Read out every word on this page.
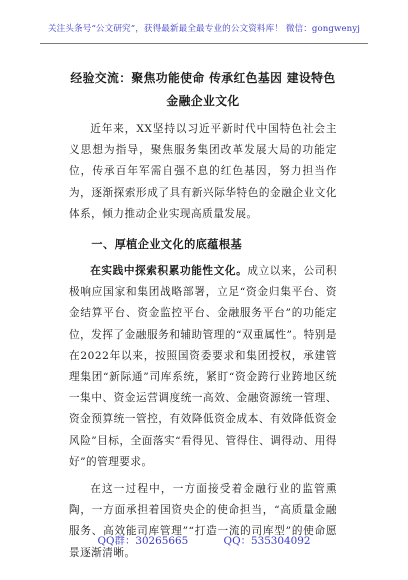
关注头条号“公文研究”，获得最新最全最专业的公文资料库！ 微信：gongwenyj
经验交流：聚焦功能使命 传承红色基因 建设特色金融企业文化

近年来，XX坚持以习近平新时代中国特色社会主义思想为指导，聚焦服务集团改革发展大局的功能定位，传承百年军需自强不息的红色基因，努力担当作为，逐渐探索形成了具有新兴际华特色的金融企业文化体系，倾力推动企业实现高质量发展。

一、厚植企业文化的底蕴根基

在实践中探索积累功能性文化。成立以来，公司积极响应国家和集团战略部署，立足“资金归集平台、资金结算平台、资金监控平台、金融服务平台”的功能定位，发挥了金融服务和辅助管理的“双重属性”。特别是在2022年以来，按照国资委要求和集团授权，承建管理集团“新际通”司库系统，紧盯“资金跨行业跨地区统一集中、资金运营调度统一高效、金融资源统一管理、资金预算统一管控，有效降低资金成本、有效降低资金风险”目标，全面落实“看得见、管得住、调得动、用得好”的管理要求。

在这一过程中，一方面接受着金融行业的监管熏陶，一方面承担着国资央企的使命担当，“高质量金融服务、高效能司库管理”“打造一流的司库型”的使命愿景逐渐清晰。

QQ群：30265665	QQ：535304092
